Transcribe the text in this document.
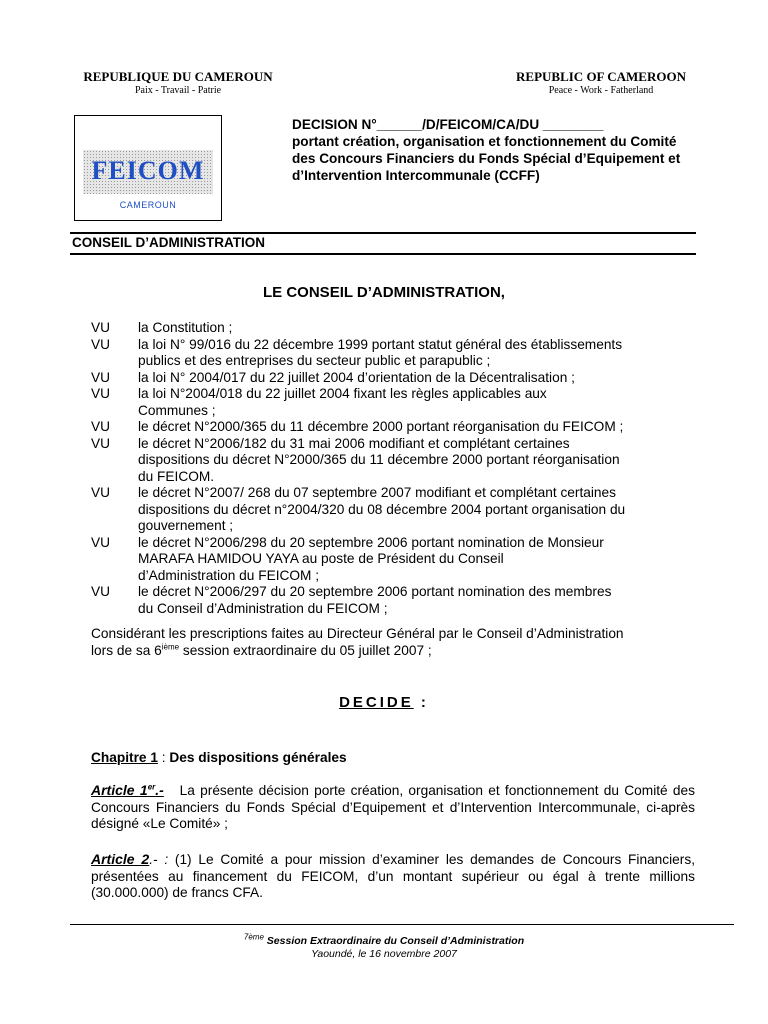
REPUBLIQUE DU CAMEROUN
Paix - Travail - Patrie
REPUBLIC OF CAMEROON
Peace - Work - Fatherland
FEICOM
CAMEROUN
DECISION N°______/D/FEICOM/CA/DU ________
portant création, organisation et fonctionnement du Comité
des Concours Financiers du Fonds Spécial d’Equipement et
d’Intervention Intercommunale (CCFF)
CONSEIL D’ADMINISTRATION
LE CONSEIL D’ADMINISTRATION,
VU	la Constitution ;
VU	la loi N° 99/016 du 22 décembre 1999 portant statut général des établissements
publics et des entreprises du secteur public et parapublic ;
VU	la loi N° 2004/017 du 22 juillet 2004 d’orientation de la Décentralisation ;
VU	la loi N°2004/018 du 22 juillet 2004 fixant les règles applicables aux
Communes ;
VU	le décret N°2000/365 du 11 décembre 2000 portant réorganisation du FEICOM ;
VU	le décret N°2006/182 du 31 mai 2006 modifiant et complétant certaines
dispositions du décret N°2000/365 du 11 décembre 2000 portant réorganisation
du FEICOM.
VU	le décret N°2007/ 268 du 07 septembre 2007 modifiant et complétant certaines
dispositions du décret n°2004/320 du 08 décembre 2004 portant organisation du
gouvernement ;
VU	le décret N°2006/298 du 20 septembre 2006 portant nomination de Monsieur
MARAFA HAMIDOU YAYA au poste de Président du Conseil
d’Administration du FEICOM ;
VU	le décret N°2006/297 du 20 septembre 2006 portant nomination des membres
du Conseil d’Administration du FEICOM ;
Considérant les prescriptions faites au Directeur Général par le Conseil d’Administration
lors de sa 6ième session extraordinaire du 05 juillet 2007 ;
DECIDE :
Chapitre 1 : Des dispositions générales
Article 1er.- La présente décision porte création, organisation et fonctionnement du Comité des Concours Financiers du Fonds Spécial d’Equipement et d’Intervention Intercommunale, ci-après désigné «Le Comité» ;
Article 2.- : (1) Le Comité a pour mission d’examiner les demandes de Concours Financiers, présentées au financement du FEICOM, d’un montant supérieur ou égal à trente millions (30.000.000) de francs CFA.
$^{7ème}$ Session Extraordinaire du Conseil d’Administration
Yaoundé, le 16 novembre 2007
